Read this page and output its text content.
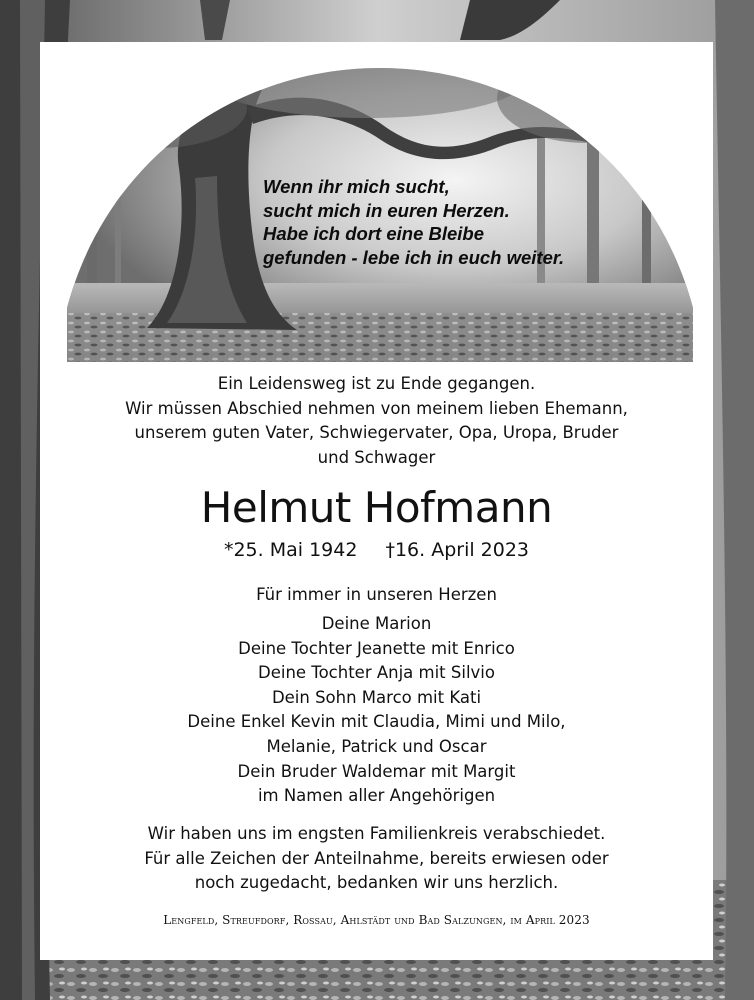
Wenn ihr mich sucht,
sucht mich in euren Herzen.
Habe ich dort eine Bleibe
gefunden - lebe ich in euch weiter.
Ein Leidensweg ist zu Ende gegangen.
Wir müssen Abschied nehmen von meinem lieben Ehemann,
unserem guten Vater, Schwiegervater, Opa, Uropa, Bruder
und Schwager
Helmut Hofmann
*25. Mai 1942 †16. April 2023
Für immer in unseren Herzen
Deine Marion
Deine Tochter Jeanette mit Enrico
Deine Tochter Anja mit Silvio
Dein Sohn Marco mit Kati
Deine Enkel Kevin mit Claudia, Mimi und Milo,
Melanie, Patrick und Oscar
Dein Bruder Waldemar mit Margit
im Namen aller Angehörigen
Wir haben uns im engsten Familienkreis verabschiedet.
Für alle Zeichen der Anteilnahme, bereits erwiesen oder
noch zugedacht, bedanken wir uns herzlich.
Lengfeld, Streufdorf, Rossau, Ahlstädt und Bad Salzungen, im April 2023
